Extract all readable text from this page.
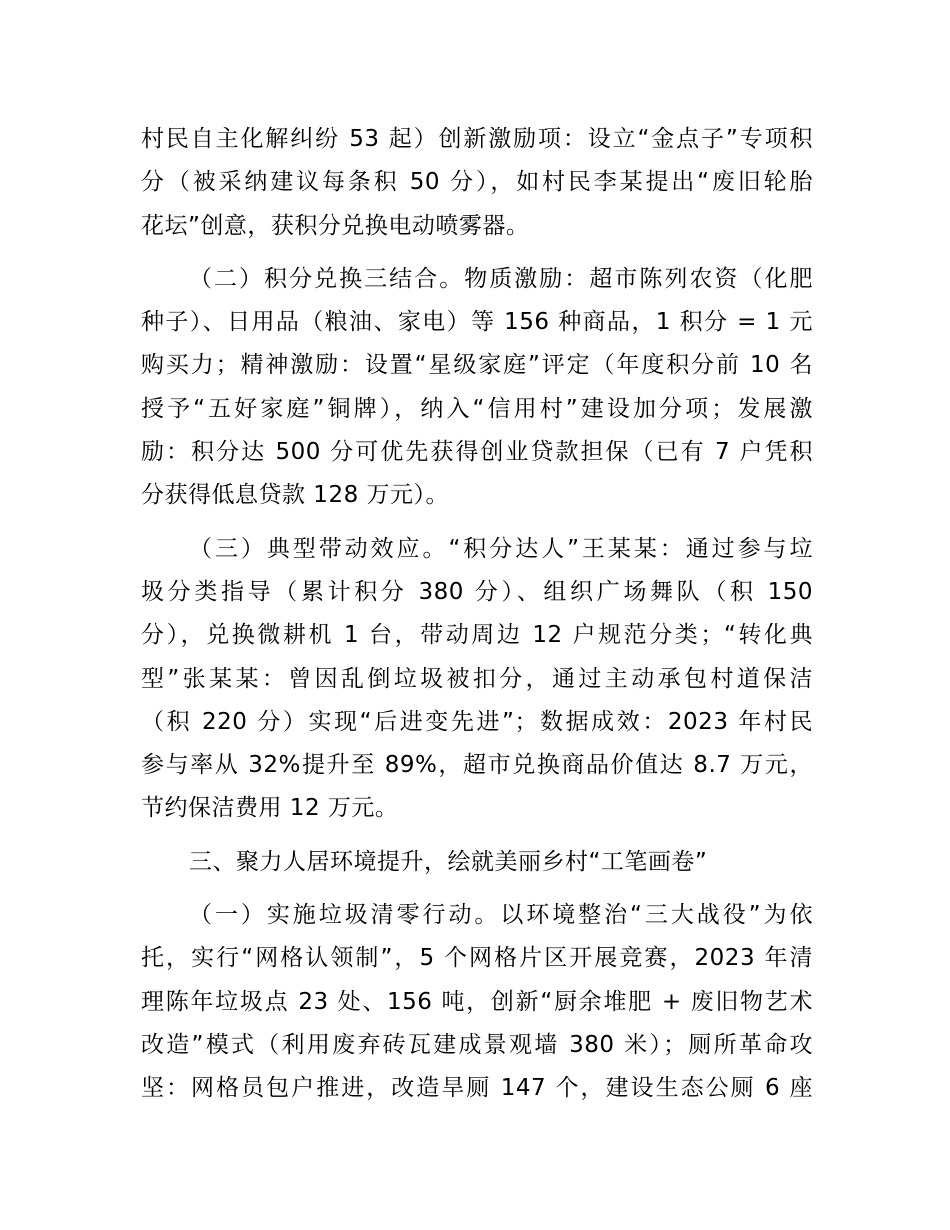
村民自主化解纠纷 53 起）创新激励项：设立“金点子”专项积
分（被采纳建议每条积 50 分），如村民李某提出“废旧轮胎
花坛”创意，获积分兑换电动喷雾器。
（二）积分兑换三结合。物质激励：超市陈列农资（化肥
种子）、日用品（粮油、家电）等 156 种商品，1 积分 = 1 元
购买力；精神激励：设置“星级家庭”评定（年度积分前 10 名
授予“五好家庭”铜牌），纳入“信用村”建设加分项；发展激
励：积分达 500 分可优先获得创业贷款担保（已有 7 户凭积
分获得低息贷款 128 万元）。
（三）典型带动效应。“积分达人”王某某：通过参与垃
圾分类指导（累计积分 380 分）、组织广场舞队（积 150
分），兑换微耕机 1 台，带动周边 12 户规范分类；“转化典
型”张某某：曾因乱倒垃圾被扣分，通过主动承包村道保洁
（积 220 分）实现“后进变先进”；数据成效：2023 年村民
参与率从 32%提升至 89%，超市兑换商品价值达 8.7 万元，
节约保洁费用 12 万元。
三、聚力人居环境提升，绘就美丽乡村“工笔画卷”
（一）实施垃圾清零行动。以环境整治“三大战役”为依
托，实行“网格认领制”，5 个网格片区开展竞赛，2023 年清
理陈年垃圾点 23 处、156 吨，创新“厨余堆肥 + 废旧物艺术
改造”模式（利用废弃砖瓦建成景观墙 380 米）；厕所革命攻
坚：网格员包户推进，改造旱厕 147 个，建设生态公厕 6 座
